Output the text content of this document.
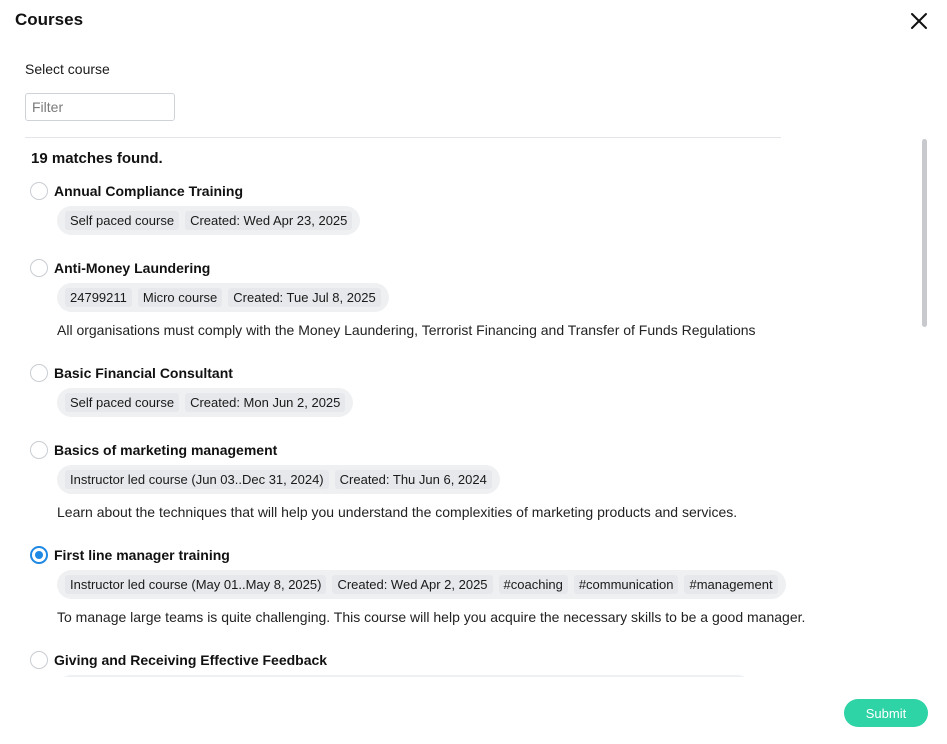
Courses
Select course
Filter
19 matches found.
Annual Compliance Training
Self paced course	Created: Wed Apr 23, 2025
Anti-Money Laundering
24799211	Micro course	Created: Tue Jul 8, 2025
All organisations must comply with the Money Laundering, Terrorist Financing and Transfer of Funds Regulations
Basic Financial Consultant
Self paced course	Created: Mon Jun 2, 2025
Basics of marketing management
Instructor led course (Jun 03..Dec 31, 2024)	Created: Thu Jun 6, 2024
Learn about the techniques that will help you understand the complexities of marketing products and services.
First line manager training
Instructor led course (May 01..May 8, 2025)	Created: Wed Apr 2, 2025	#coaching	#communication	#management
To manage large teams is quite challenging. This course will help you acquire the necessary skills to be a good manager.
Giving and Receiving Effective Feedback
Submit
